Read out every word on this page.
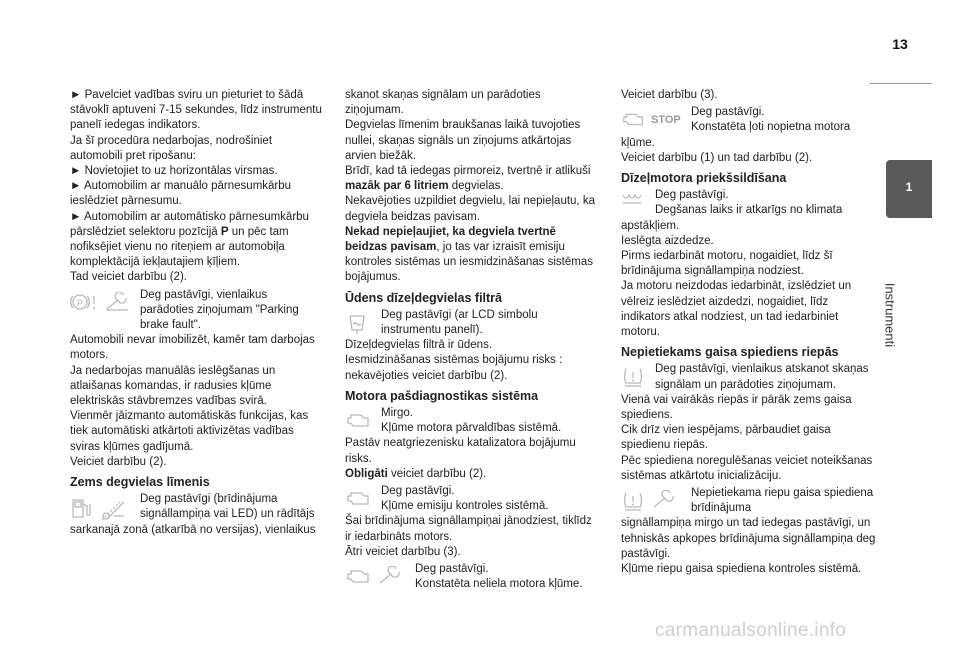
13
1
Instrumenti

► Pavelciet vadības sviru un pieturiet to šādā stāvoklī aptuveni 7-15 sekundes, līdz instrumentu panelī iedegas indikators.

Ja šī procedūra nedarbojas, nodrošiniet automobili pret ripošanu:

► Novietojiet to uz horizontālas virsmas.

► Automobilim ar manuālo pārnesumkārbu ieslēdziet pārnesumu.

► Automobilim ar automātisko pārnesumkārbu pārslēdziet selektoru pozīcijā P un pēc tam nofiksējiet vienu no riteņiem ar automobiļa komplektācijā iekļautajiem ķīļiem.

Tad veiciet darbību (2).

P
Deg pastāvīgi, vienlaikus parādoties ziņojumam "Parking brake fault".

Automobili nevar imobilizēt, kamēr tam darbojas motors.

Ja nedarbojas manuālās ieslēgšanas un atlaišanas komandas, ir radusies kļūme elektriskās stāvbremzes vadības svirā.

Vienmēr jāizmanto automātiskās funkcijas, kas tiek automātiski atkārtoti aktivizētas vadības sviras kļūmes gadījumā.

Veiciet darbību (2).

Zems degvielas līmenis
Deg pastāvīgi (brīdinājuma signāllampiņa vai LED) un rādītājs

sarkanajā zonā (atkarībā no versijas), vienlaikus

skanot skaņas signālam un parādoties ziņojumam.

Degvielas līmenim braukšanas laikā tuvojoties nullei, skaņas signāls un ziņojums atkārtojas arvien biežāk.

Brīdī, kad tā iedegas pirmoreiz, tvertnē ir atlikuši mazāk par 6 litriem degvielas.

Nekavējoties uzpildiet degvielu, lai nepieļautu, ka degviela beidzas pavisam.

Nekad nepieļaujiet, ka degviela tvertnē beidzas pavisam, jo tas var izraisīt emisiju kontroles sistēmas un iesmidzināšanas sistēmas bojājumus.

Ūdens dīzeļdegvielas filtrā
Deg pastāvīgi (ar LCD simbolu instrumentu panelī).

Dīzeļdegvielas filtrā ir ūdens.

Iesmidzināšanas sistēmas bojājumu risks : nekavējoties veiciet darbību (2).

Motora pašdiagnostikas sistēma
Mirgo.
Kļūme motora pārvaldības sistēmā.

Pastāv neatgriezenisku katalizatora bojājumu risks.

Obligāti veiciet darbību (2).

Deg pastāvīgi.
Kļūme emisiju kontroles sistēmā.

Šai brīdinājuma signāllampiņai jānodziest, tiklīdz ir iedarbināts motors.

Ātri veiciet darbību (3).

Deg pastāvīgi.
Konstatēta neliela motora kļūme.

Veiciet darbību (3).

STOP
Deg pastāvīgi.
Konstatēta ļoti nopietna motora

kļūme.

Veiciet darbību (1) un tad darbību (2).

Dīzeļmotora priekšsildīšana
Deg pastāvīgi.
Degšanas laiks ir atkarīgs no klimata

apstākļiem.

Ieslēgta aizdedze.

Pirms iedarbināt motoru, nogaidiet, līdz šī brīdinājuma signāllampiņa nodziest.

Ja motoru neizdodas iedarbināt, izslēdziet un vēlreiz ieslēdziet aizdedzi, nogaidiet, līdz indikators atkal nodziest, un tad iedarbiniet motoru.

Nepietiekams gaisa spiediens riepās
Deg pastāvīgi, vienlaikus atskanot skaņas signālam un parādoties ziņojumam.

Vienā vai vairākās riepās ir pārāk zems gaisa spiediens.

Cik drīz vien iespējams, pārbaudiet gaisa spiedienu riepās.

Pēc spiediena noregulēšanas veiciet noteikšanas sistēmas atkārtotu inicializāciju.

Nepietiekama riepu gaisa spiediena brīdinājuma

signāllampiņa mirgo un tad iedegas pastāvīgi, un tehniskās apkopes brīdinājuma signāllampiņa deg pastāvīgi.

Kļūme riepu gaisa spiediena kontroles sistēmā.

carmanualsonline.info
